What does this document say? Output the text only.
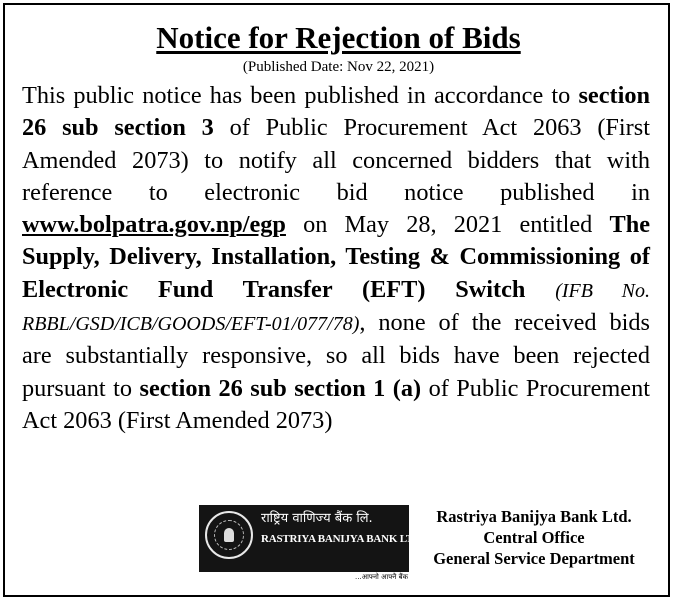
Notice for Rejection of Bids
(Published Date: Nov 22, 2021)
This public notice has been published in accordance to section 26 sub section 3 of Public Procurement Act 2063 (First Amended 2073) to notify all concerned bidders that with reference to electronic bid notice published in www.bolpatra.gov.np/egp on May 28, 2021 entitled The Supply, Delivery, Installation, Testing & Commissioning of Electronic Fund Transfer (EFT) Switch (IFB No. RBBL/GSD/ICB/GOODS/EFT-01/077/78), none of the received bids are substantially responsive, so all bids have been rejected pursuant to section 26 sub section 1 (a) of Public Procurement Act 2063 (First Amended 2073)
राष्ट्रिय वाणिज्य बैंक लि.
RASTRIYA BANIJYA BANK LTD.
...आफ्नो आफ्नै बैंक
Rastriya Banijya Bank Ltd.
Central Office
General Service Department
